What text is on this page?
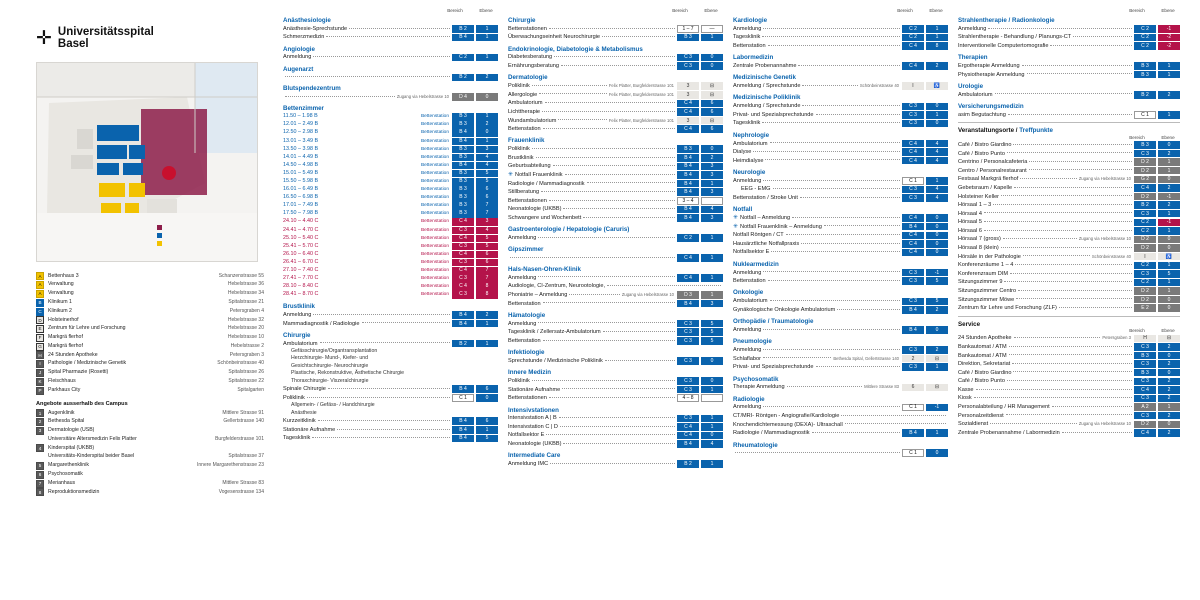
✛ Universitätsspital
Basel
A	Bettenhaus 3	Schanzenstrasse 55
A	Verwaltung	Hebelstrasse 36
A	Verwaltung	Hebelstrasse 34
B	Klinikum 1	Spitalstrasse 21
C	Klinikum 2	Petersgraben 4
D	Holsteinerhof	Hebelstrasse 32
E	Zentrum für Lehre und Forschung	Hebelstrasse 20
F	Markgrä flerhof	Hebelstrasse 10
G	Markgrä flerhof	Hebelstrasse 2
H	24 Stunden Apotheke	Petersgraben 3
I	Pathologie / Medizinische Genetik	Schönbeinstrasse 40
J	Spital Pharmazie (Rosetti)	Spitalstrasse 26
K	Fleischhaus	Spitalstrasse 22
P	Parkhaus City	Spitalgarten
Angebote ausserhalb des Campus
1	Augenklinik	Mittlere Strasse 91
2	Bethesda Spital	Gellertstrasse 140
3	Dermatologie (USB)
Universitäre Altersmedizin Felix Platter	Burgfelderstrasse 101
4	Kinderspital (UKBB)
Universitäts-Kinderspital beider Basel	Spitalstrasse 37
5	Margarethenklinik	Innere Margarethenstrasse 23
6	Psychosomatik
7	Merianhaus	Mittlere Strasse 83
8	Reproduktionsmedizin	Vogesenstrasse 134
Bereich	Ebene
Anästhesiologie
Anästhesie-Sprechstunde	B 2	1
Schmerzmedizin	B 4	1
Angiologie
Anmeldung	C 2	1
Augenarzt
B 2	2
Blutspendezentrum
Zugang via Hebelstrasse 10	D 4	0
Bettenzimmer
11.50 – 1.98 B	Bettenstation	B 3	1
12.01 – 2.49 B	Bettenstation	B 3	2
12.50 – 2.98 B	Bettenstation	B 4	0
13.01 – 3.49 B	Bettenstation	B 4	1
13.50 – 3.98 B	Bettenstation	B 3	3
14.01 – 4.49 B	Bettenstation	B 3	4
14.50 – 4.98 B	Bettenstation	B 4	4
15.01 – 5.49 B	Bettenstation	B 3	5
15.50 – 5.98 B	Bettenstation	B 3	5
16.01 – 6.49 B	Bettenstation	B 3	6
16.50 – 6.98 B	Bettenstation	B 3	6
17.01 – 7.49 B	Bettenstation	B 3	7
17.50 – 7.98 B	Bettenstation	B 3	7
24.10 – 4.40 C	Bettenstation	C 4	3
24.41 – 4.70 C	Bettenstation	C 3	4
25.10 – 5.40 C	Bettenstation	C 4	5
25.41 – 5.70 C	Bettenstation	C 3	5
26.10 – 6.40 C	Bettenstation	C 4	6
26.41 – 6.70 C	Bettenstation	C 3	6
27.10 – 7.40 C	Bettenstation	C 4	7
27.41 – 7.70 C	Bettenstation	C 3	7
28.10 – 8.40 C	Bettenstation	C 4	8
28.41 – 8.70 C	Bettenstation	C 3	8
Brustklinik
Anmeldung	B 4	2
Mammadiagnostik / Radiologie	B 4	1
Chirurgie
Ambulatorium	B 2	1
Gefässchirurgie/Organtransplantation
Herzchirurgie- Mund-, Kiefer- und
Gesichtschirurgie- Neurochirurgie
Plastische, Rekonstruktive, Ästhetische Chirurgie
Thoraxchirurgie- Viszeralchirurgie
Spinale Chirurgie	B 4	6
Poliklinik	C 1	0
Allgemein- / Gefäss- / Handchirurgie
Anästhesie
Kurzzeitklinik	B 4	6
Stationäre Aufnahme	B 4	1
Tagesklinik	B 4	5
Bereich	Ebene
Chirurgie
Bettenstationen	1 – 7	—
Überwachungseinheit Neurochirurgie	B 3	1
Endokrinologie, Diabetologie & Metabolismus
Diabetesberatung	C 3	0
Ernährungsberatung	C 3	0
Dermatologie
Poliklinik	Felix Platter, Burgfelderstrasse 101	3	⊟
Allergologie	Felix Platter, Burgfelderstrasse 101	3	⊟
Ambulatorium	C 4	6
Lichttherapie	C 4	6
Wundambulatorium	Felix Platter, Burgfelderstrasse 101	3	⊟
Bettenstation	C 4	6
Frauenklinik
Poliklinik	B 3	0
Brustklinik	B 4	2
Geburtsabteilung	B 4	3
✳ Notfall Frauenklinik	B 4	3
Radiologie / Mammadiagnostik	B 4	1
Stillberatung	B 4	3
Bettenstationen	3 – 4
Neonatologie (UKBB)	B 4	4
Schwangere und Wochenbett	B 4	3
Gastroenterologie / Hepatologie (Caruris)
Anmeldung	C 2	1
Gipszimmer
C 4	1
Hals-Nasen-Ohren-Klinik
Anmeldung	C 4	1
Audiologie, CI-Zentrum, Neurootologie,
Phoniatrie – Anmeldung	Zugang via Hebelstrasse 10	D 3	1
Bettenstation	B 4	3
Hämatologie
Anmeldung	C 3	5
Tagesklinik / Zellersatz-Ambulatorium	C 3	5
Bettenstation	C 3	5
Infektiologie
Sprechstunde / Medizinische Poliklinik	C 3	0
Innere Medizin
Poliklinik	C 3	0
Stationäre Aufnahme	C 3	1
Bettenstationen	4 – 8
Intensivstationen
Intensivstation A | B	C 3	1
Intensivstation C | D	C 4	1
Notfallsektor E	C 4	0
Neonatologie (UKBB)	B 4	4
Intermediate Care
Anmeldung IMC	B 2	1
Bereich	Ebene
Kardiologie
Anmeldung	C 2	1
Tagesklinik	C 2	1
Bettenstation	C 4	8
Labormedizin
Zentrale Probenannahme	C 4	2
Medizinische Genetik
Anmeldung / Sprechstunde	Schönbeinstrasse 40	I	♿
Medizinische Poliklinik
Anmeldung / Sprechstunde	C 3	0
Privat- und Spezialsprechstunde	C 3	1
Tagesklinik	C 3	0
Nephrologie
Ambulatorium	C 4	4
Dialyse	C 4	4
Heimdialyse	C 4	4
Neurologie
Anmeldung	C 1	1
EEG - EMG	C 3	4
Bettenstation / Stroke Unit	C 3	4
Notfall
✳ Notfall – Anmeldung	C 4	0
✳ Notfall Frauenklinik – Anmeldung	B 4	0
Notfall Röntgen / CT	C 4	0
Hausärztliche Notfallpraxis	C 4	0
Notfallsektor E	C 4	0
Nuklearmedizin
Anmeldung	C 3	-1
Bettenstation	C 3	5
Onkologie
Ambulatorium	C 3	5
Gynäkologische Onkologie Ambulatorium	B 4	2
Orthopädie / Traumatologie
Anmeldung	B 4	0
Pneumologie
Anmeldung	C 3	2
Schlaflabor	Bethesda Spital, Gellertstrasse 140	2	⊟
Privat- und Spezialsprechstunde	C 3	1
Psychosomatik
Therapie Anmeldung	Mittlere Strasse 83	6	⊟
Radiologie
Anmeldung	C 1	-1
CT/MRI- Röntgen - Angiografie/Kardiologie
Knochendichtemessung (DEXA)- Ultraschall
Radiologie / Mammadiagnostik	B 4	1
Rheumatologie
C 1	0
Bereich	Ebene
Strahlentherapie / Radionkologie
Anmeldung	C 2	-1
Strahlentherapie - Behandlung / Planungs-CT	C 2	-2
Interventionelle Computertomografie	C 2	-2
Therapien
Ergotherapie Anmeldung	B 3	1
Physiotherapie Anmeldung	B 3	1
Urologie
Ambulatorium	B 2	2
Versicherungsmedizin
asim Begutachtung	C 1	1
Veranstaltungsorte / Treffpunkte
Bereich	Ebene
Café / Bistro Giardino	B 3	0
Café / Bistro Punto	C 3	2
Centrino / Personalcafeteria	D 2	1
Centro / Personalrestaurant	D 2	1
Festsaal Markgrä flerhof	Zugang via Hebelstrasse 10	G 2	0
Gebetsraum / Kapelle	C 4	2
Holsteiner Keller	D 2	-1
Hörsaal 1 – 3	B 2	2
Hörsaal 4	C 3	1
Hörsaal 5	C 2	-1
Hörsaal 6	C 2	1
Hörsaal 7 (gross)	Zugang via Hebelstrasse 10	D 2	0
Hörsaal 8 (klein)	D 2	0
Hörsäle in der Pathologie	Schönbeinstrasse 40	I	♿
Konferenzräume 1 – 4	C 2	1
Konferenzraum DIM	C 3	5
Sitzungszimmer 9	C 2	1
Sitzungszimmer Centro	D 2	1
Sitzungszimmer Möwe	D 2	0
Zentrum für Lehre und Forschung (ZLF)	E 2	0
Service
Bereich	Ebene
24 Stunden Apotheke	Petersgraben 3	H	⊟
Bankautomat / ATM	C 3	2
Bankautomat / ATM	B 3	0
Direktion, Sekretariat	C 3	2
Café / Bistro Giardino	B 3	0
Café / Bistro Punto	C 3	2
Kasse	C 4	2
Kiosk	C 3	2
Personalabteilung / HR Management	A 2	1
Personalzeitdienst	C 3	2
Sozialdienst	Zugang via Hebelstrasse 10	D 2	0
Zentrale Probenannahme / Labormedizin	C 4	2
